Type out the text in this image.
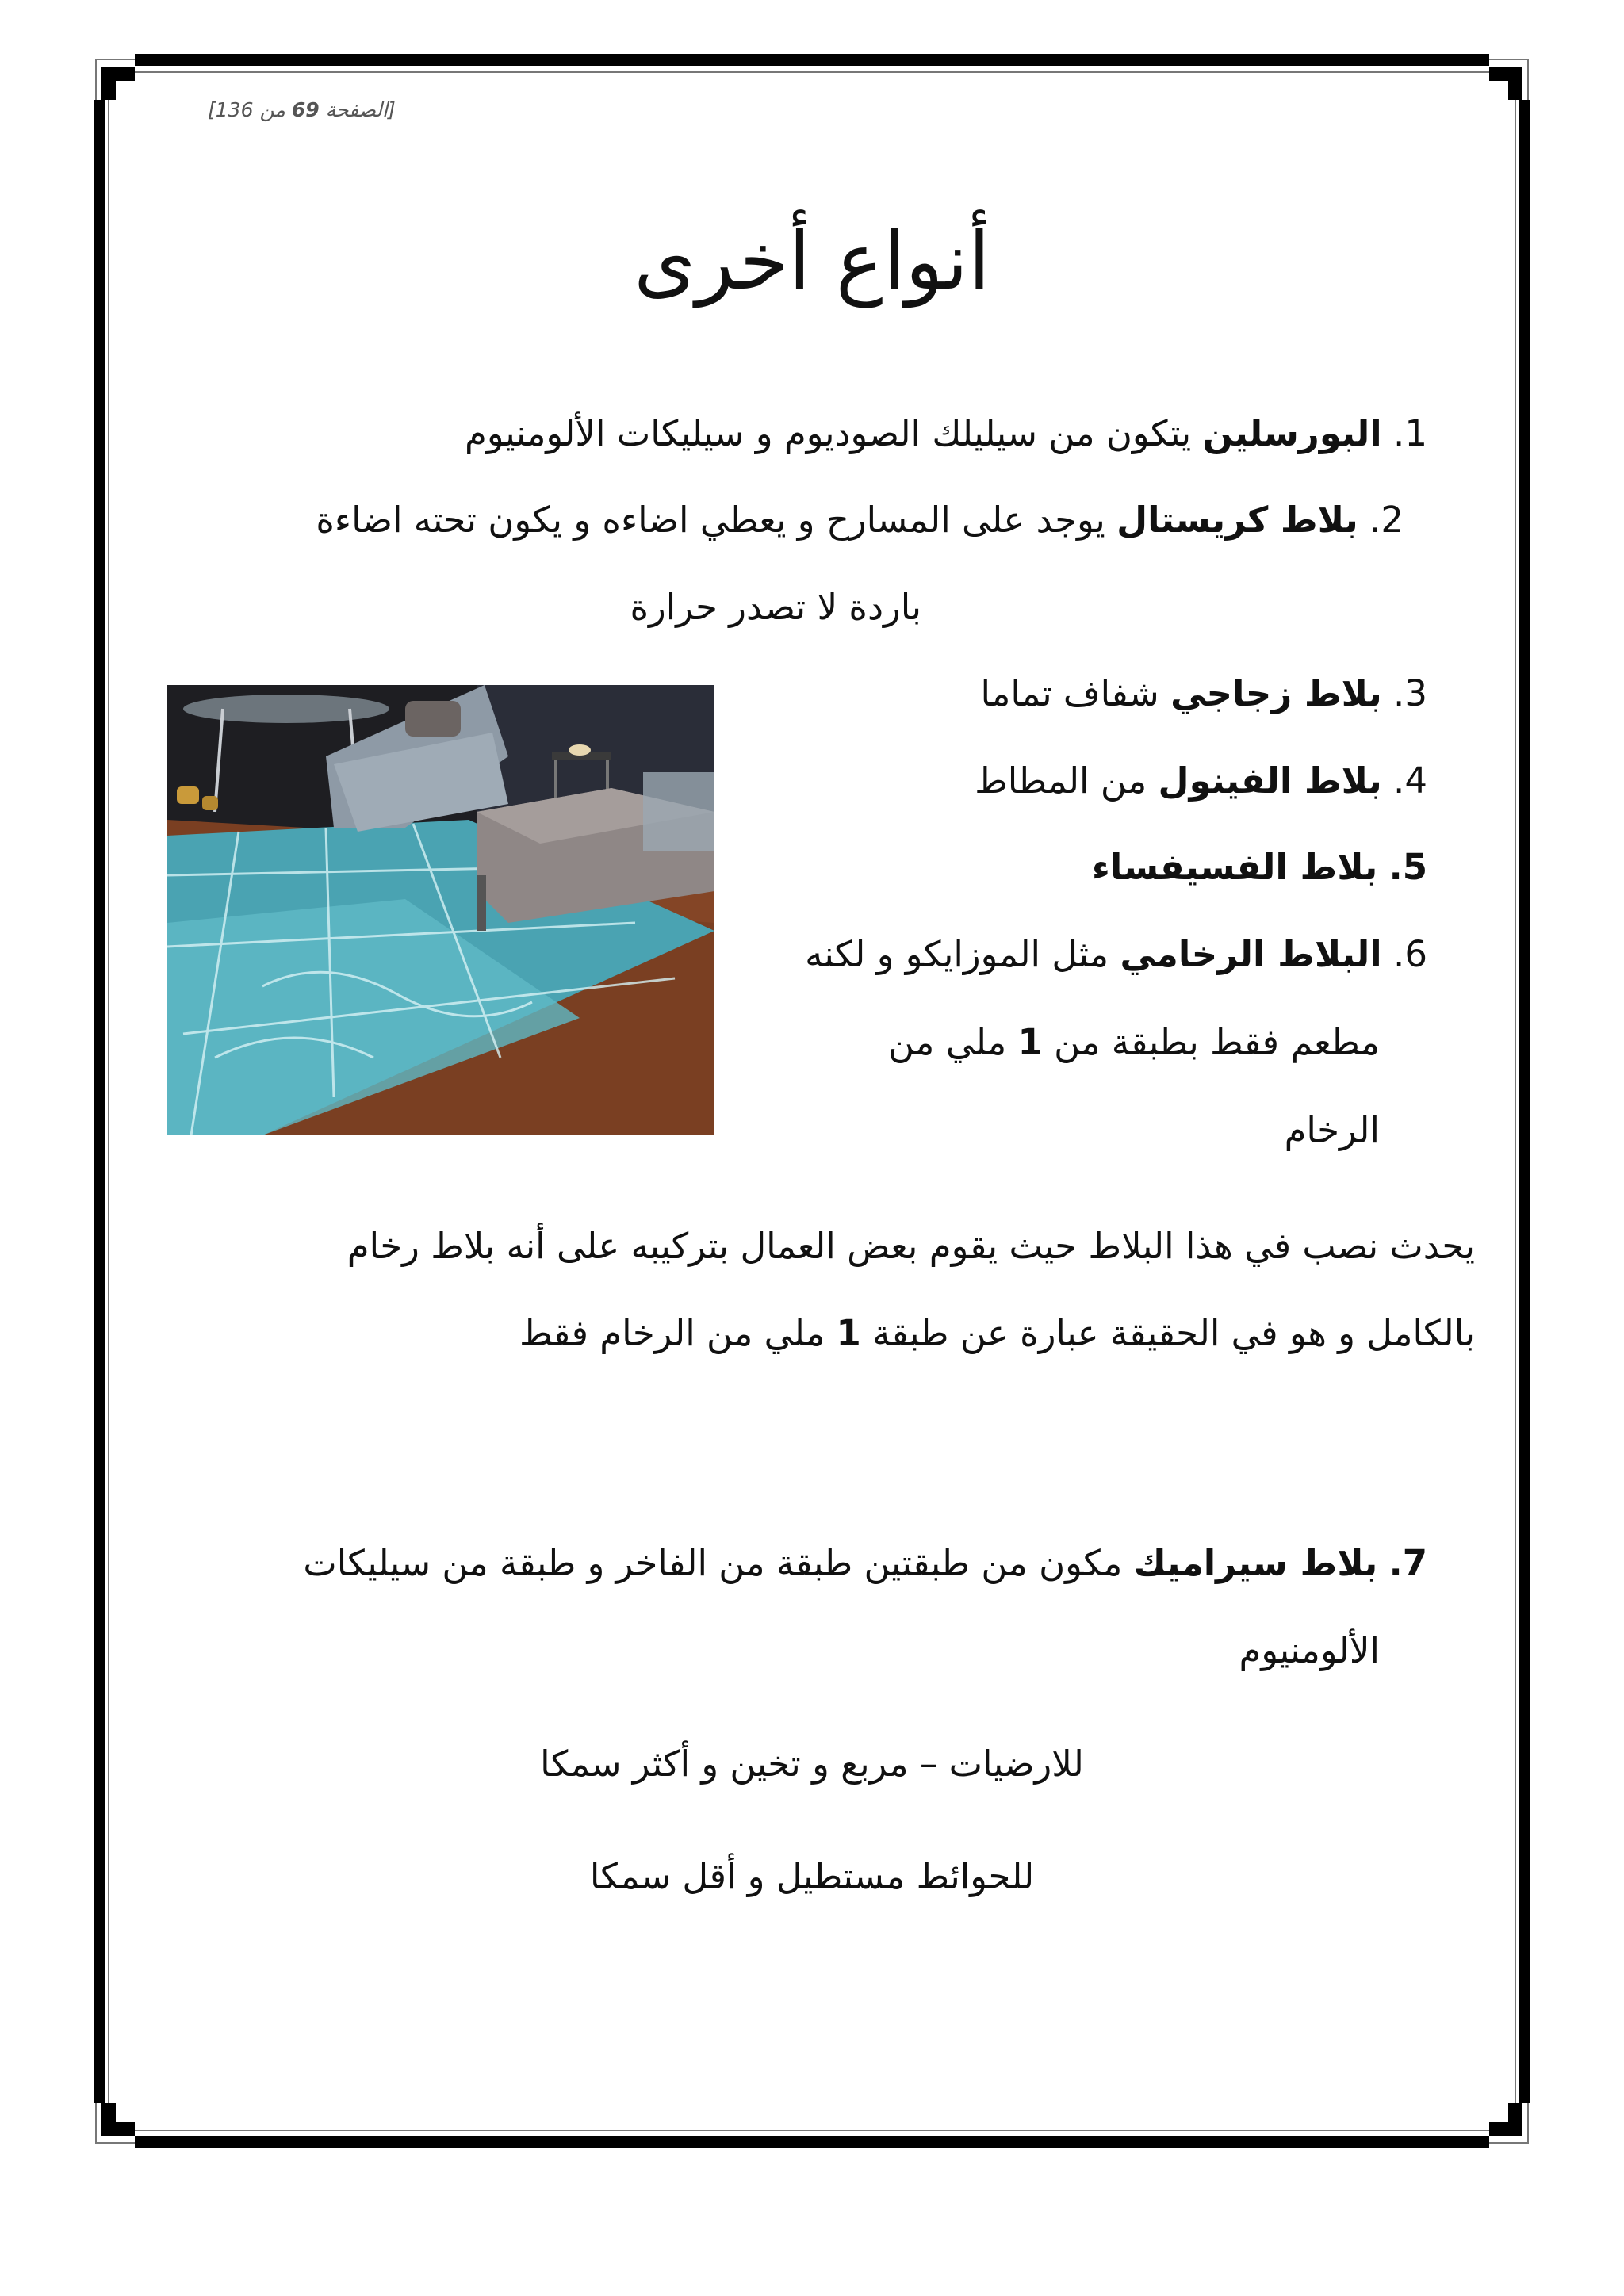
[الصفحة 69 من 136]
أنواع أخرى
1. البورسلين يتكون من سيليلك الصوديوم و سيليكات الألومنيوم
2. بلاط كريستال يوجد على المسارح و يعطي اضاءه و يكون تحته اضاءة
باردة لا تصدر حرارة
3. بلاط زجاجي شفاف تماما
4. بلاط الفينول من المطاط
5. بلاط الفسيفساء
6. البلاط الرخامي مثل الموزايكو و لكنه
مطعم فقط بطبقة من 1 ملي من
الرخام
يحدث نصب في هذا البلاط حيث يقوم بعض العمال بتركيبه على أنه بلاط رخام
بالكامل و هو في الحقيقة عبارة عن طبقة 1 ملي من الرخام فقط
7. بلاط سيراميك مكون من طبقتين طبقة من الفاخر و طبقة من سيليكات
الألومنيوم
للارضيات – مربع و تخين و أكثر سمكا
للحوائط مستطيل و أقل سمكا
